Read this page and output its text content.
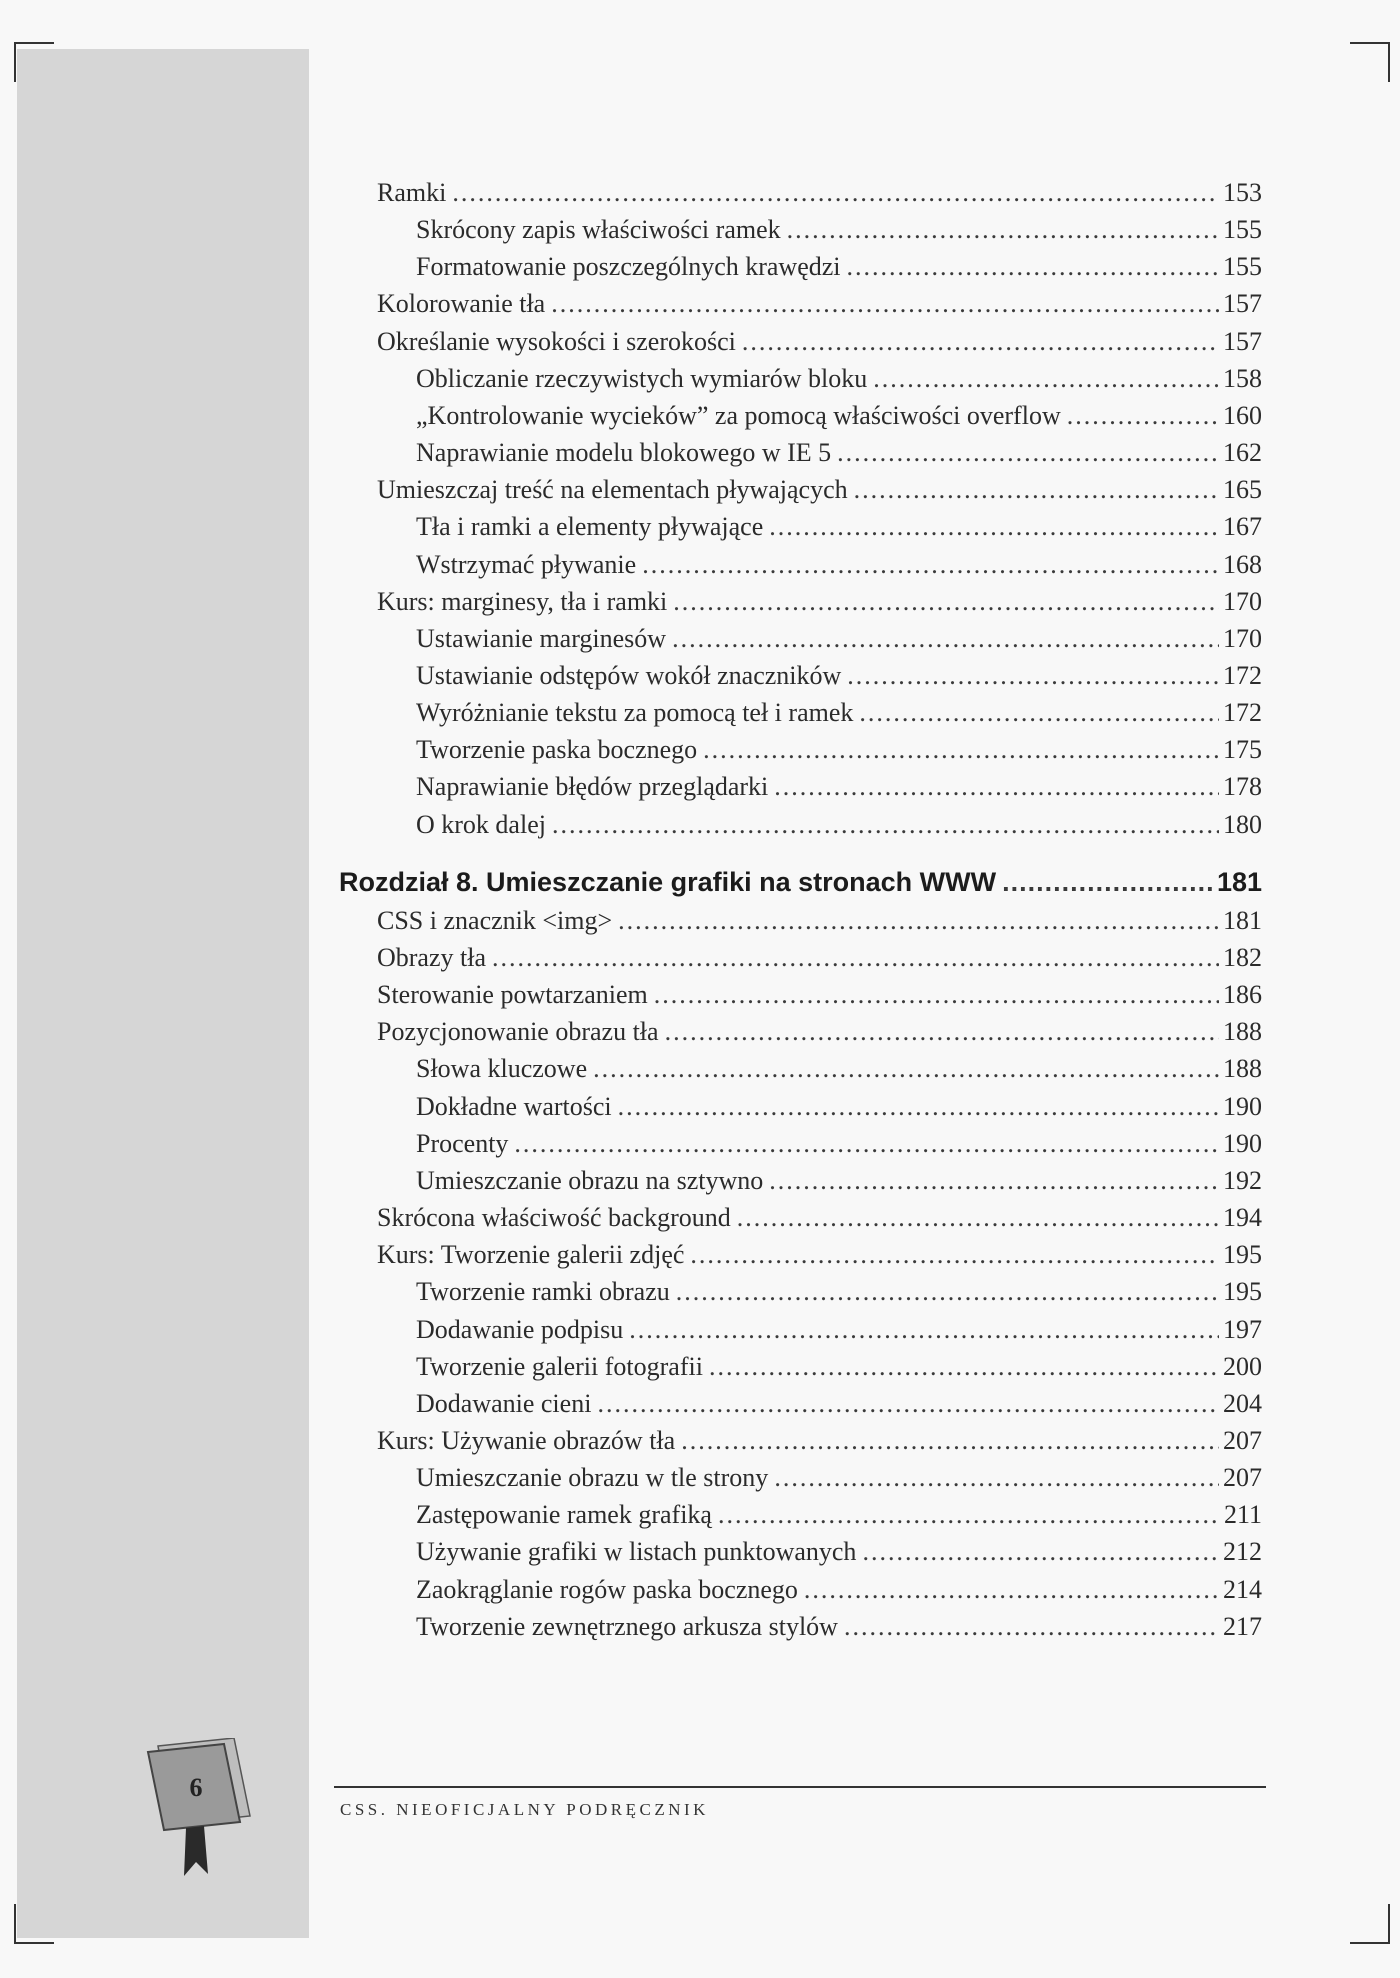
Ramki .....	153
Skrócony zapis właściwości ramek .....	155
Formatowanie poszczególnych krawędzi .....	155
Kolorowanie tła .....	157
Określanie wysokości i szerokości .....	157
Obliczanie rzeczywistych wymiarów bloku .....	158
„Kontrolowanie wycieków” za pomocą właściwości overflow .....	160
Naprawianie modelu blokowego w IE 5 .....	162
Umieszczaj treść na elementach pływających .....	165
Tła i ramki a elementy pływające .....	167
Wstrzymać pływanie .....	168
Kurs: marginesy, tła i ramki .....	170
Ustawianie marginesów .....	170
Ustawianie odstępów wokół znaczników .....	172
Wyróżnianie tekstu za pomocą teł i ramek .....	172
Tworzenie paska bocznego .....	175
Naprawianie błędów przeglądarki .....	178
O krok dalej .....	180
Rozdział 8. Umieszczanie grafiki na stronach WWW .....	181
CSS i znacznik <img> .....	181
Obrazy tła .....	182
Sterowanie powtarzaniem .....	186
Pozycjonowanie obrazu tła .....	188
Słowa kluczowe .....	188
Dokładne wartości .....	190
Procenty .....	190
Umieszczanie obrazu na sztywno .....	192
Skrócona właściwość background .....	194
Kurs: Tworzenie galerii zdjęć .....	195
Tworzenie ramki obrazu .....	195
Dodawanie podpisu .....	197
Tworzenie galerii fotografii .....	200
Dodawanie cieni .....	204
Kurs: Używanie obrazów tła .....	207
Umieszczanie obrazu w tle strony .....	207
Zastępowanie ramek grafiką .....	211
Używanie grafiki w listach punktowanych .....	212
Zaokrąglanie rogów paska bocznego .....	214
Tworzenie zewnętrznego arkusza stylów .....	217
CSS. NIEOFICJALNY PODRĘCZNIK
6
